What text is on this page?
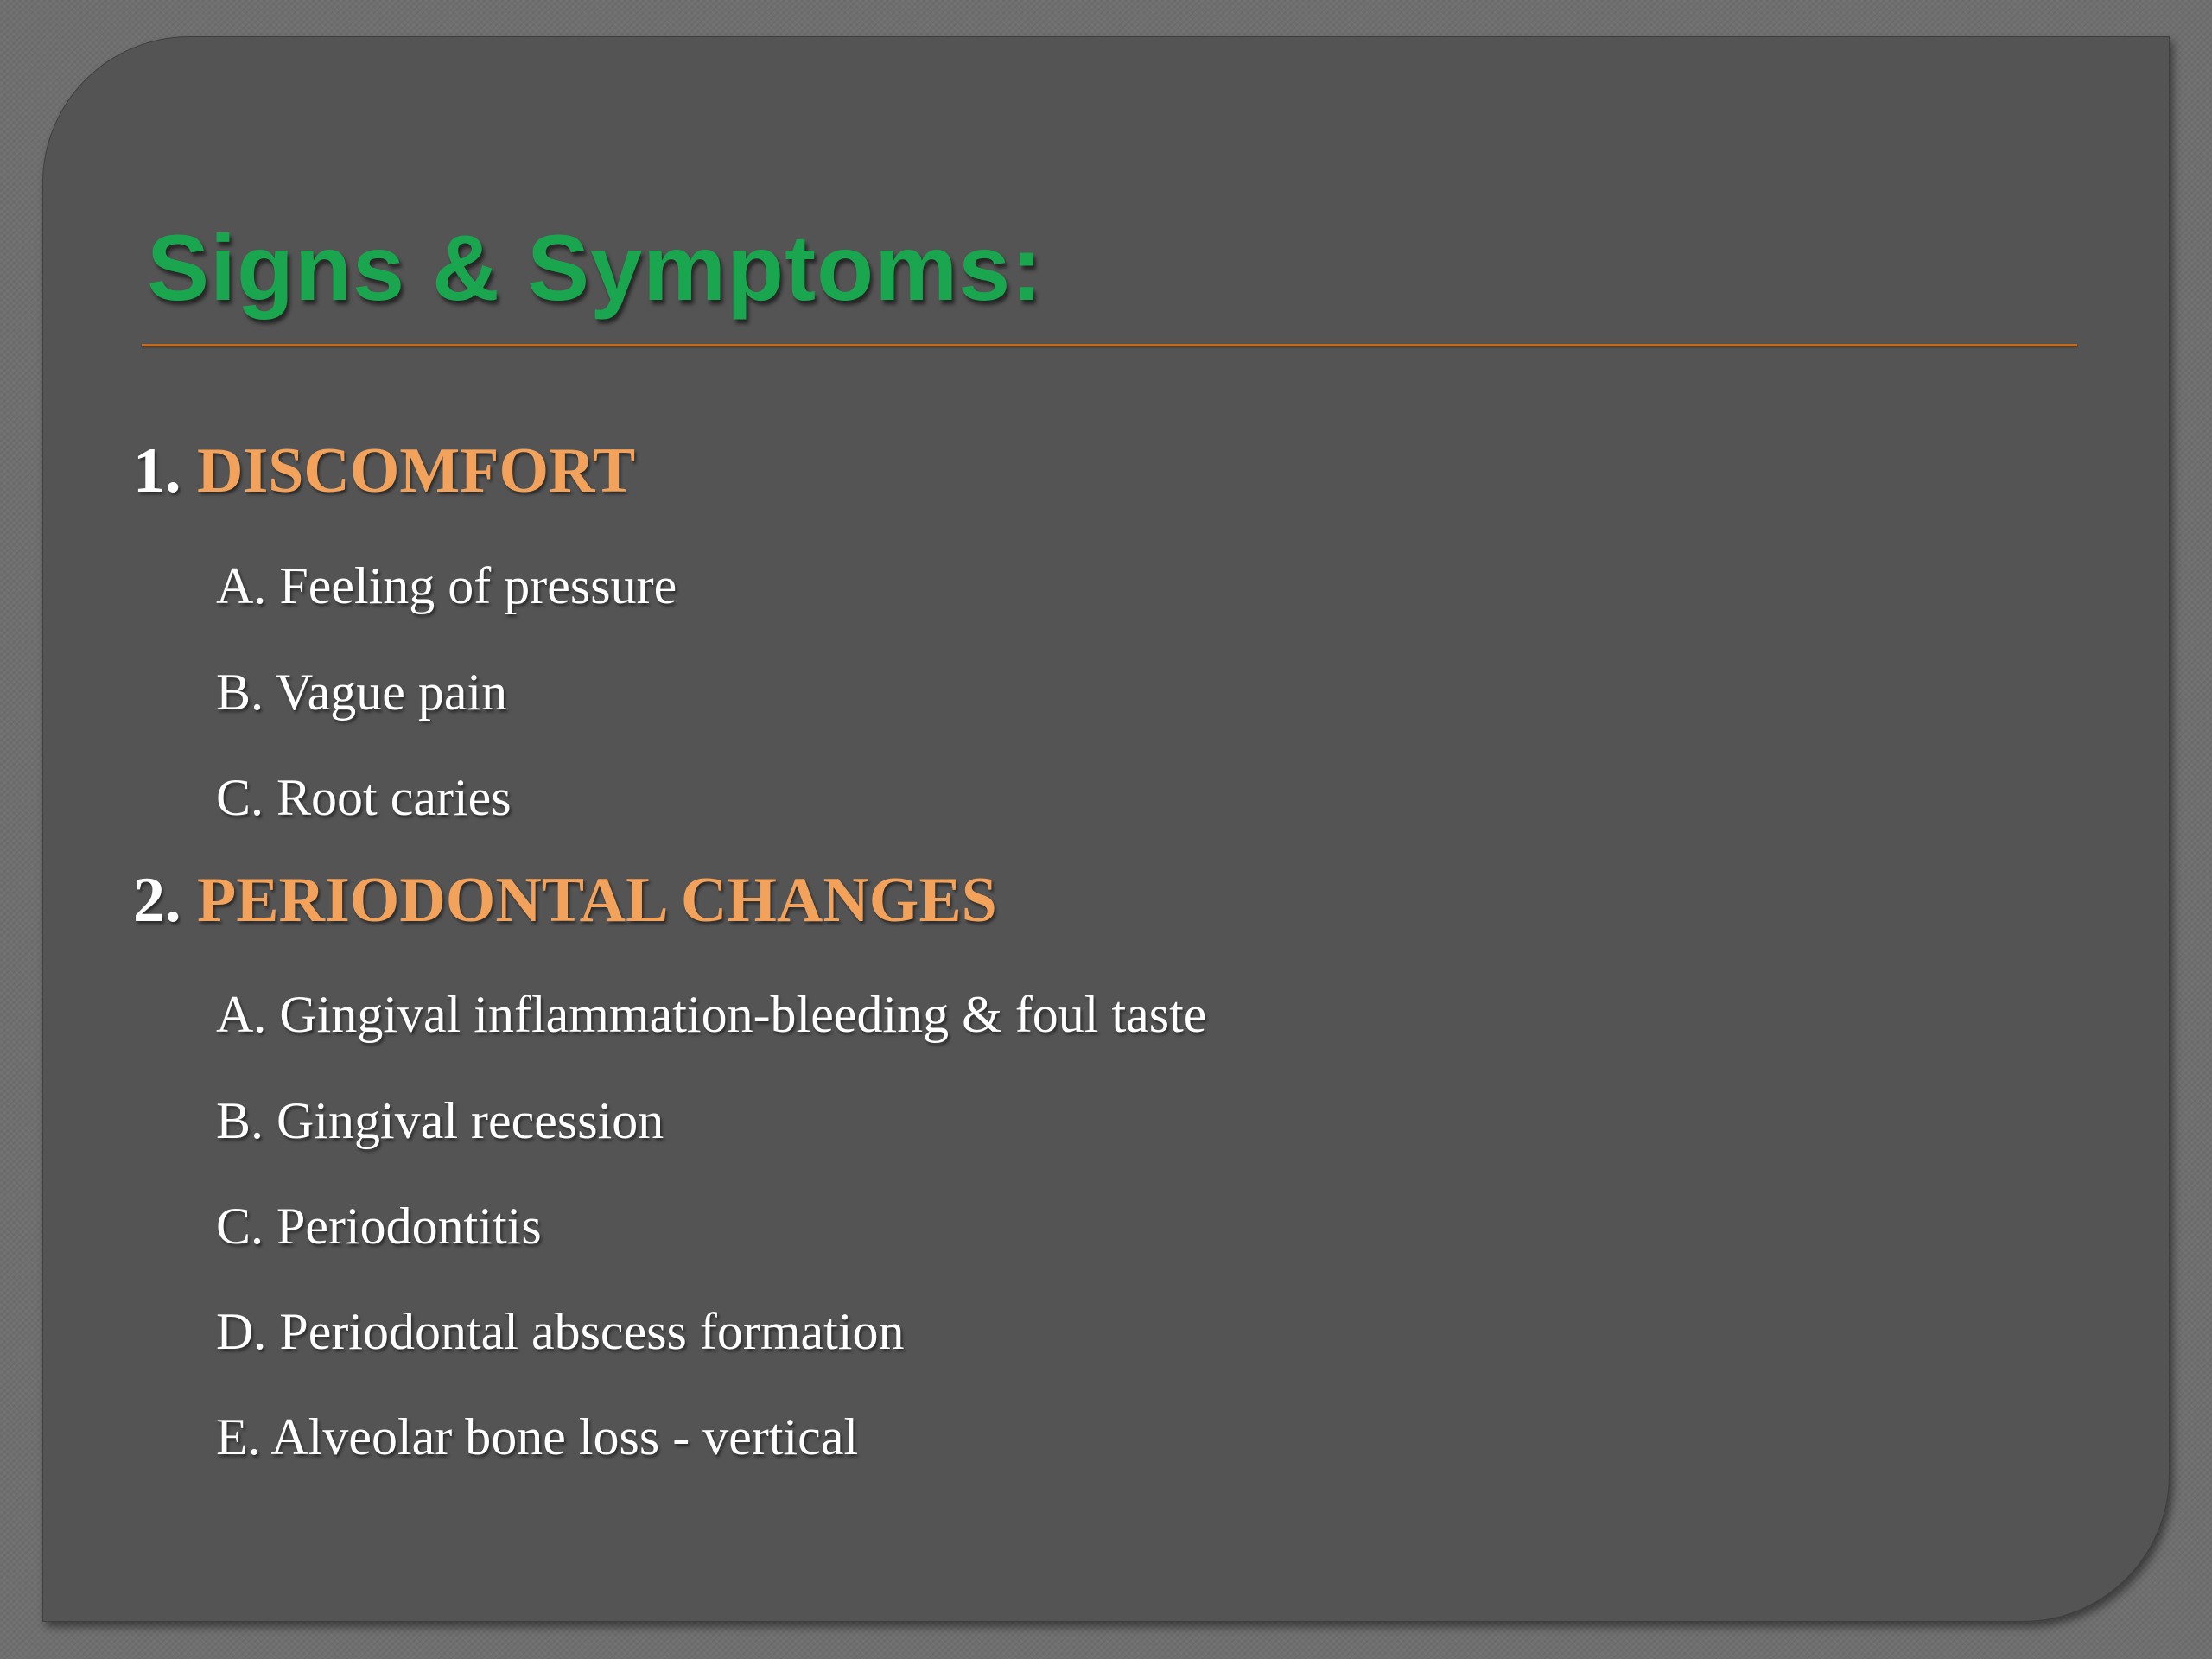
Signs & Symptoms:
1. DISCOMFORT

A. Feeling of pressure

B. Vague pain

C. Root caries

2. PERIODONTAL CHANGES

A. Gingival inflammation-bleeding & foul taste

B. Gingival recession

C. Periodontitis

D. Periodontal abscess formation

E. Alveolar bone loss - vertical
